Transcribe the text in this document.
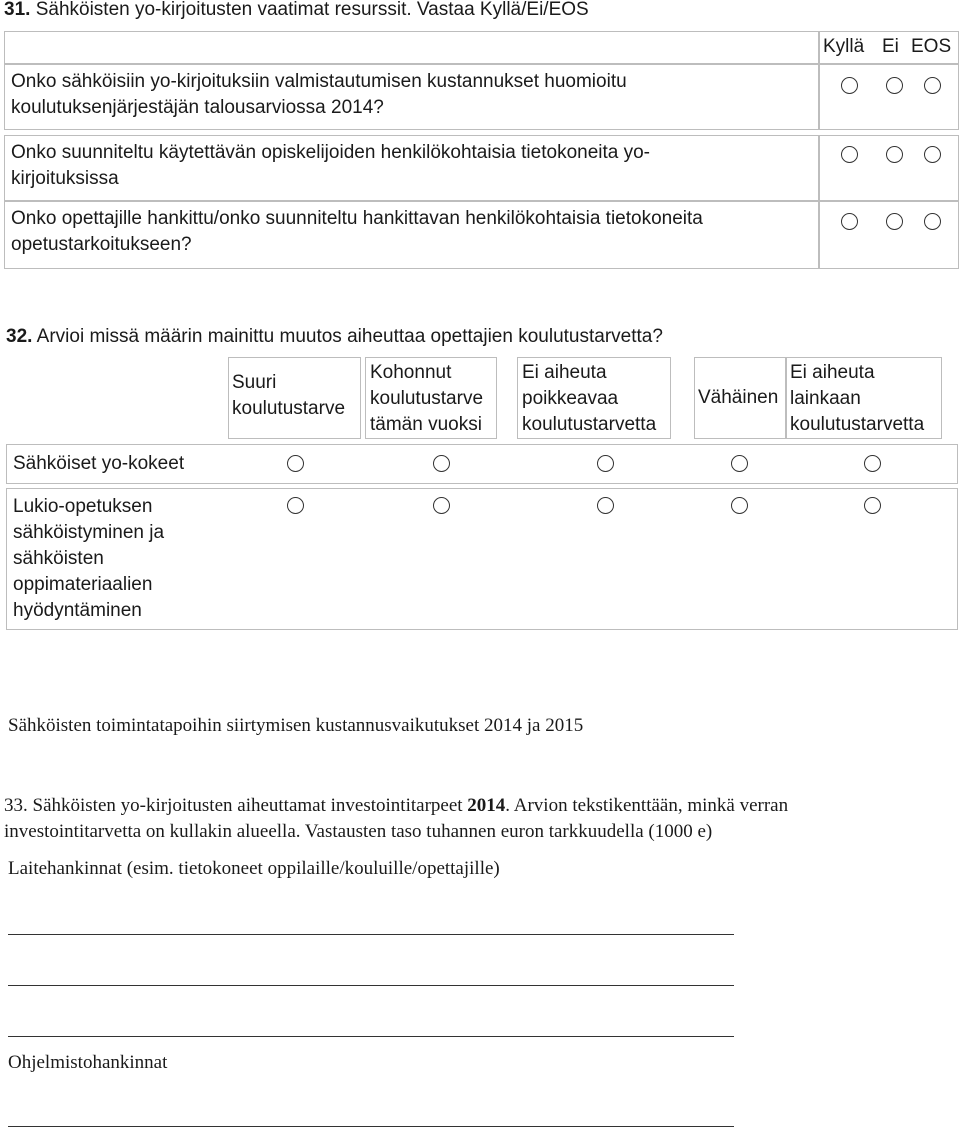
31. Sähköisten yo-kirjoitusten vaatimat resurssit. Vastaa Kyllä/Ei/EOS
Kyllä Ei EOS
Onko sähköisiin yo-kirjoituksiin valmistautumisen kustannukset huomioitu
koulutuksenjärjestäjän talousarviossa 2014?
Onko suunniteltu käytettävän opiskelijoiden henkilökohtaisia tietokoneita yo-
kirjoituksissa
Onko opettajille hankittu/onko suunniteltu hankittavan henkilökohtaisia tietokoneita
opetustarkoitukseen?
32. Arvioi missä määrin mainittu muutos aiheuttaa opettajien koulutustarvetta?
Suuri
koulutustarve
Kohonnut
koulutustarve
tämän vuoksi
Ei aiheuta
poikkeavaa
koulutustarvetta
Vähäinen
Ei aiheuta
lainkaan
koulutustarvetta
Sähköiset yo-kokeet
Lukio-opetuksen
sähköistyminen ja
sähköisten
oppimateriaalien
hyödyntäminen
Sähköisten toimintatapoihin siirtymisen kustannusvaikutukset 2014 ja 2015
33. Sähköisten yo-kirjoitusten aiheuttamat investointitarpeet 2014. Arvion tekstikenttään, minkä verran
investointitarvetta on kullakin alueella. Vastausten taso tuhannen euron tarkkuudella (1000 e)
Laitehankinnat (esim. tietokoneet oppilaille/kouluille/opettajille)
Ohjelmistohankinnat
